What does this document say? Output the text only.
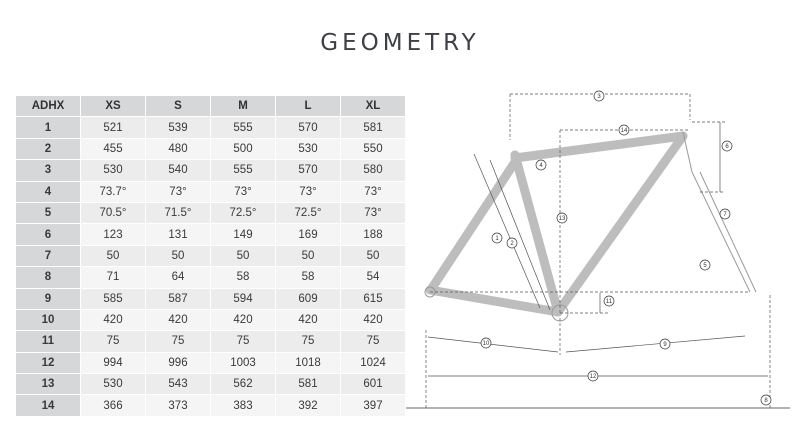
GEOMETRY
ADHX	XS	S	M	L	XL
1	521	539	555	570	581
2	455	480	500	530	550
3	530	540	555	570	580
4	73.7°	73°	73°	73°	73°
5	70.5°	71.5°	72.5°	72.5°	73°
6	123	131	149	169	188
7	50	50	50	50	50
8	71	64	58	58	54
9	585	587	594	609	615
10	420	420	420	420	420
11	75	75	75	75	75
12	994	996	1003	1018	1024
13	530	543	562	581	601
14	366	373	383	392	397
3
14
4
6
1
2
13
7
5
11
10	9
12
8
